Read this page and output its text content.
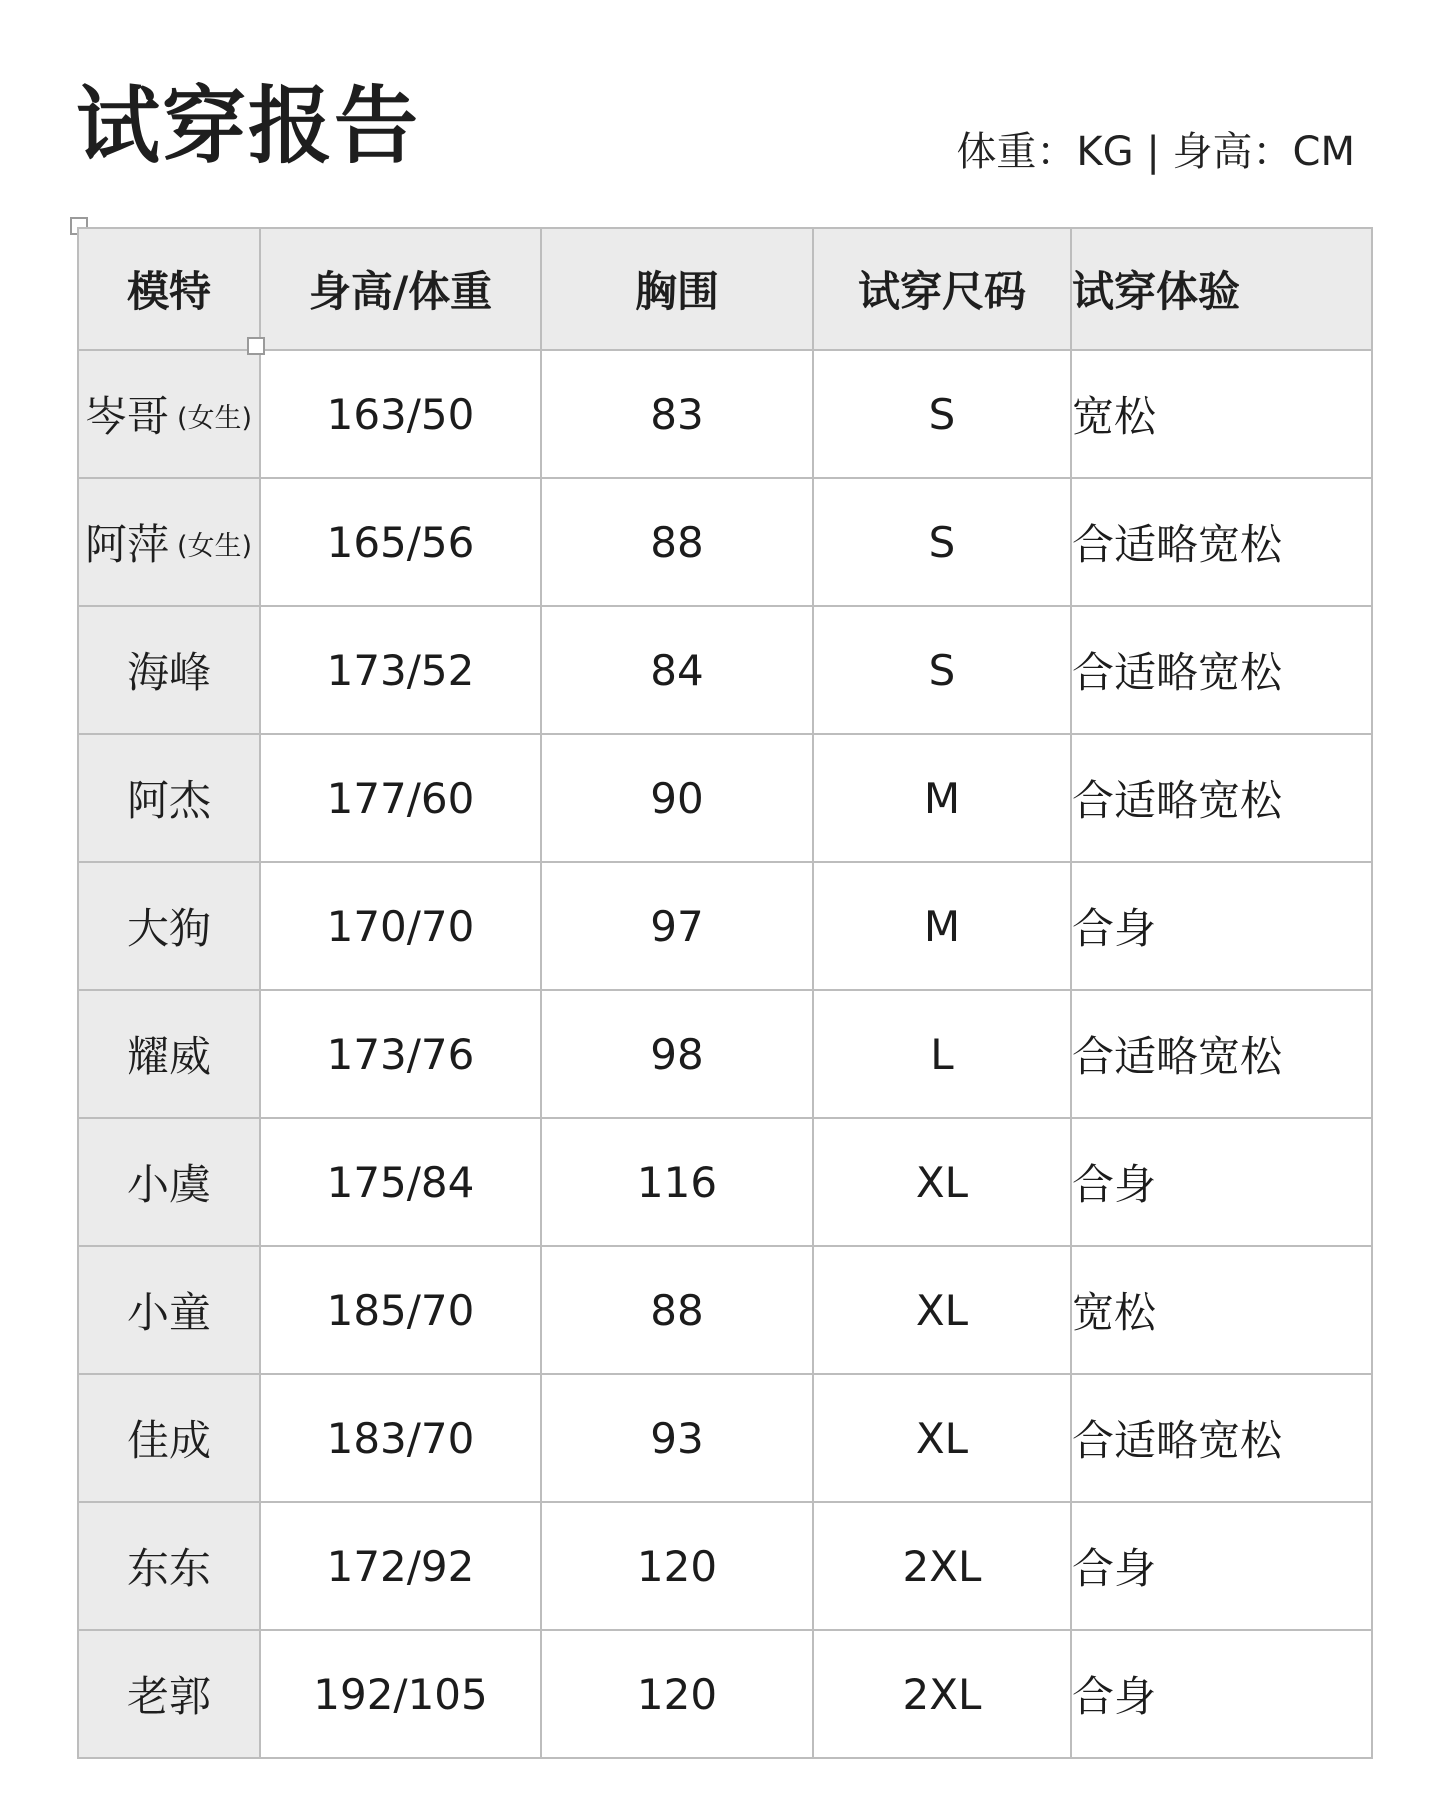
试穿报告	体重：KG | 身高：CM
模特	身高/体重	胸围	试穿尺码	试穿体验
岑哥 (女生)	163/50	83	S	宽松
阿萍 (女生)	165/56	88	S	合适略宽松
海峰	173/52	84	S	合适略宽松
阿杰	177/60	90	M	合适略宽松
大狗	170/70	97	M	合身
耀威	173/76	98	L	合适略宽松
小虞	175/84	116	XL	合身
小童	185/70	88	XL	宽松
佳成	183/70	93	XL	合适略宽松
东东	172/92	120	2XL	合身
老郭	192/105	120	2XL	合身
